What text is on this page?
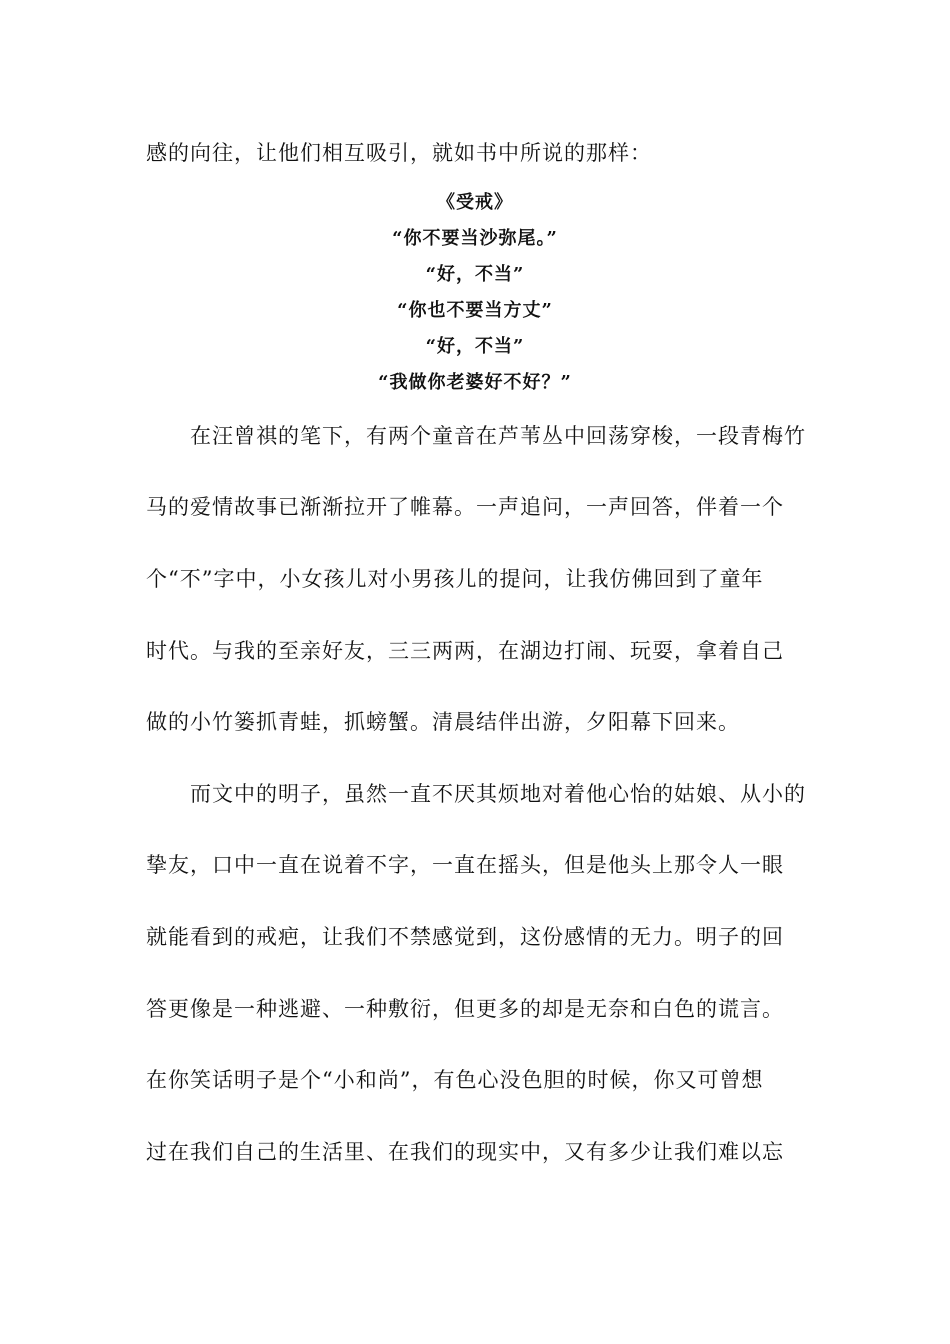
感的向往，让他们相互吸引，就如书中所说的那样：
《受戒》
“你不要当沙弥尾。”
“好，不当”
“你也不要当方丈”
“好，不当”
“我做你老婆好不好？”
　　在汪曾祺的笔下，有两个童音在芦苇丛中回荡穿梭，一段青梅竹
马的爱情故事已渐渐拉开了帷幕。一声追问，一声回答，伴着一个
个“不”字中，小女孩儿对小男孩儿的提问，让我仿佛回到了童年
时代。与我的至亲好友，三三两两，在湖边打闹、玩耍，拿着自己
做的小竹篓抓青蛙，抓螃蟹。清晨结伴出游，夕阳幕下回来。
　　而文中的明子，虽然一直不厌其烦地对着他心怡的姑娘、从小的
挚友，口中一直在说着不字，一直在摇头，但是他头上那令人一眼
就能看到的戒疤，让我们不禁感觉到，这份感情的无力。明子的回
答更像是一种逃避、一种敷衍，但更多的却是无奈和白色的谎言。
在你笑话明子是个“小和尚”，有色心没色胆的时候，你又可曾想
过在我们自己的生活里、在我们的现实中，又有多少让我们难以忘
